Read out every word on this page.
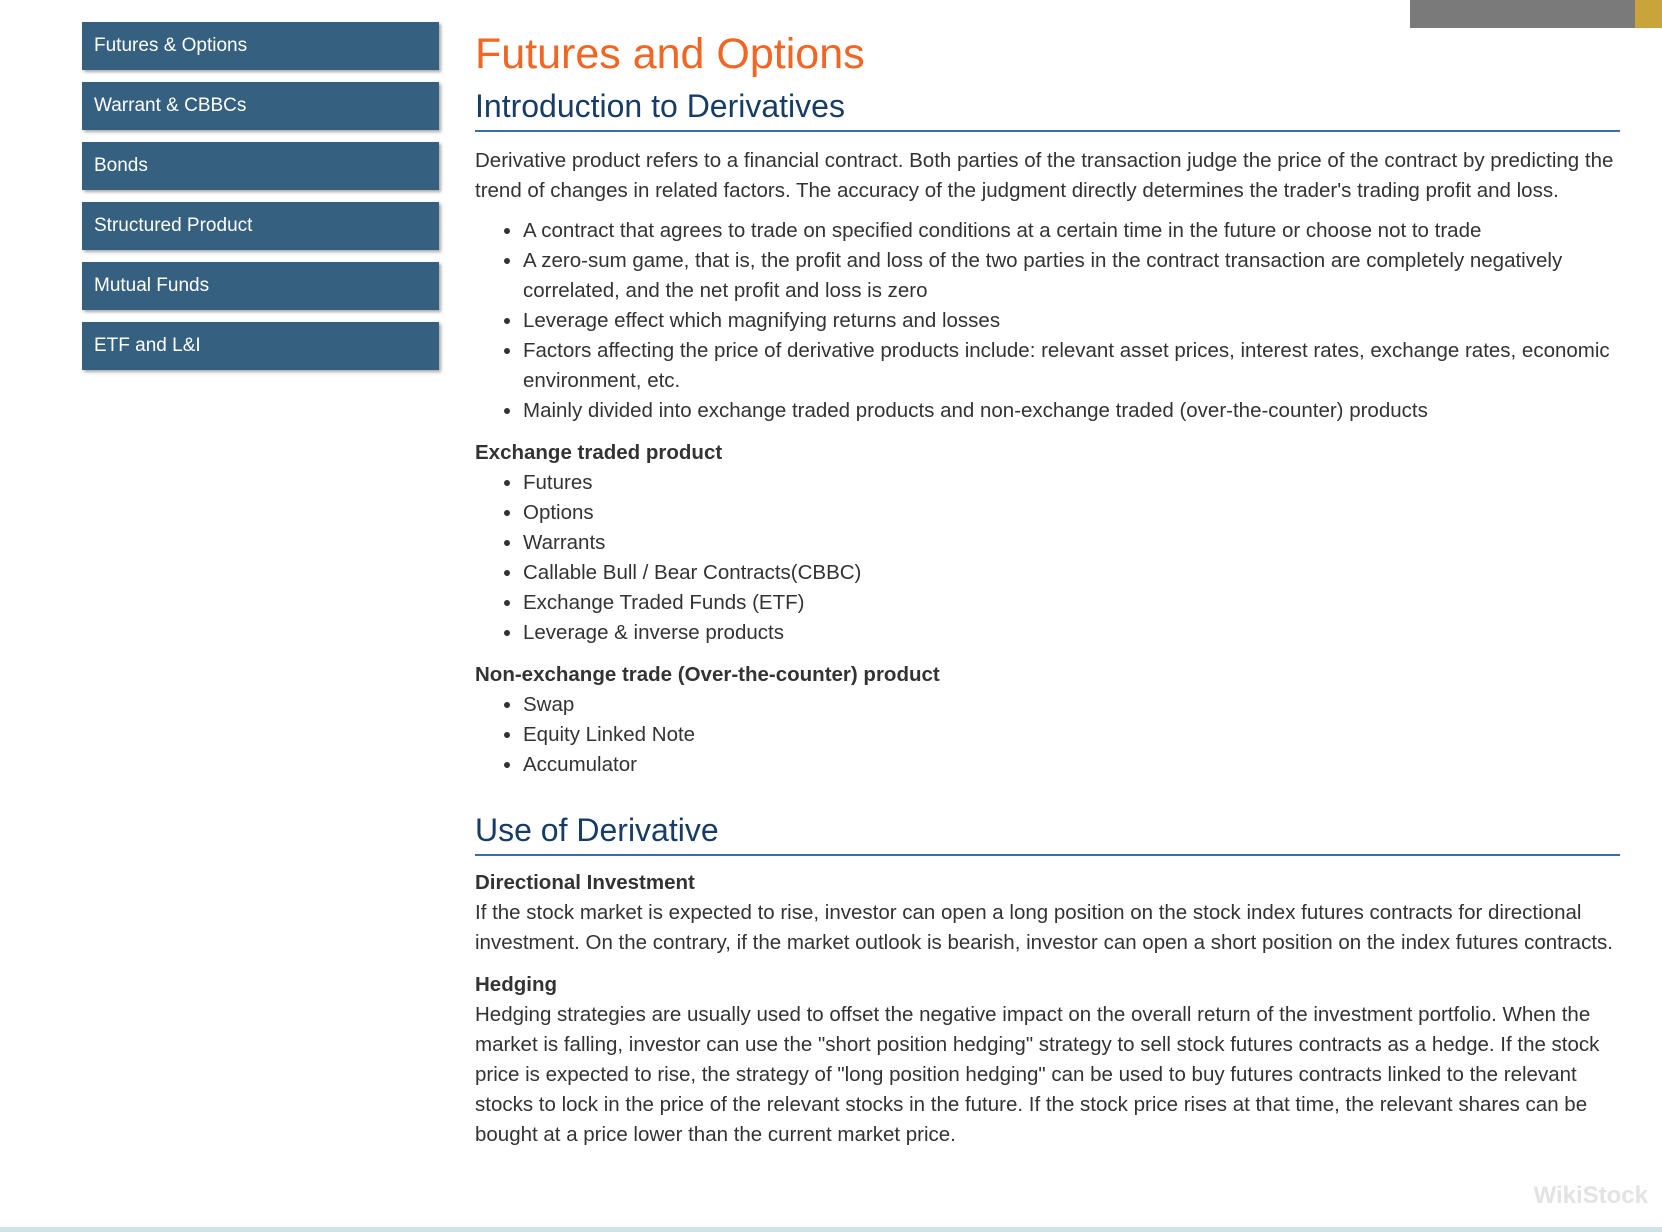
Futures & Options
Warrant & CBBCs
Bonds
Structured Product
Mutual Funds
ETF and L&I
Futures and Options
Introduction to Derivatives

Derivative product refers to a financial contract. Both parties of the transaction judge the price of the contract by predicting the trend of changes in related factors. The accuracy of the judgment directly determines the trader's trading profit and loss.

• A contract that agrees to trade on specified conditions at a certain time in the future or choose not to trade
• A zero-sum game, that is, the profit and loss of the two parties in the contract transaction are completely negatively correlated, and the net profit and loss is zero
• Leverage effect which magnifying returns and losses
• Factors affecting the price of derivative products include: relevant asset prices, interest rates, exchange rates, economic environment, etc.
• Mainly divided into exchange traded products and non-exchange traded (over-the-counter) products

Exchange traded product

• Futures
• Options
• Warrants
• Callable Bull / Bear Contracts(CBBC)
• Exchange Traded Funds (ETF)
• Leverage & inverse products

Non-exchange trade (Over-the-counter) product

• Swap
• Equity Linked Note
• Accumulator
Use of Derivative

Directional Investment

If the stock market is expected to rise, investor can open a long position on the stock index futures contracts for directional investment. On the contrary, if the market outlook is bearish, investor can open a short position on the index futures contracts.

Hedging

Hedging strategies are usually used to offset the negative impact on the overall return of the investment portfolio. When the market is falling, investor can use the "short position hedging" strategy to sell stock futures contracts as a hedge. If the stock price is expected to rise, the strategy of "long position hedging" can be used to buy futures contracts linked to the relevant stocks to lock in the price of the relevant stocks in the future. If the stock price rises at that time, the relevant shares can be bought at a price lower than the current market price.

WikiStock
